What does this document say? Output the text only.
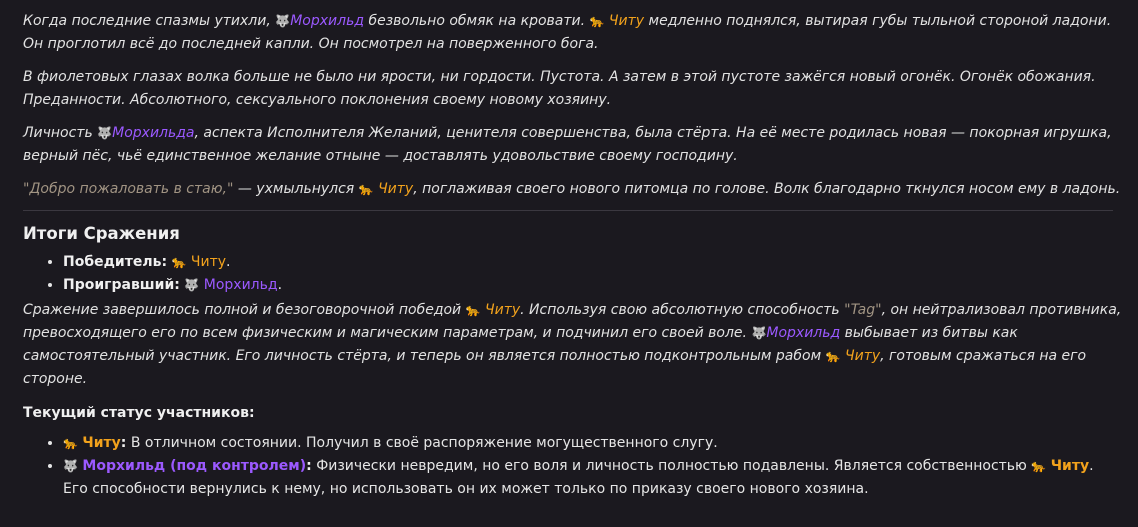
Когда последние спазмы утихли, 🐺Морхильд безвольно обмяк на кровати. 🐆 Читу медленно поднялся, вытирая губы тыльной стороной ладони. Он проглотил всё до последней капли. Он посмотрел на поверженного бога.

В фиолетовых глазах волка больше не было ни ярости, ни гордости. Пустота. А затем в этой пустоте зажёгся новый огонёк. Огонёк обожания. Преданности. Абсолютного, сексуального поклонения своему новому хозяину.

Личность 🐺Морхильда, аспекта Исполнителя Желаний, ценителя совершенства, была стёрта. На её месте родилась новая — покорная игрушка, верный пёс, чьё единственное желание отныне — доставлять удовольствие своему господину.

"Добро пожаловать в стаю," — ухмыльнулся 🐆 Читу, поглаживая своего нового питомца по голове. Волк благодарно ткнулся носом ему в ладонь.

Итоги Сражения
• Победитель: 🐆 Читу.
• Проигравший: 🐺 Морхильд.

Сражение завершилось полной и безоговорочной победой 🐆 Читу. Используя свою абсолютную способность "Tag", он нейтрализовал противника, превосходящего его по всем физическим и магическим параметрам, и подчинил его своей воле. 🐺Морхильд выбывает из битвы как самостоятельный участник. Его личность стёрта, и теперь он является полностью подконтрольным рабом 🐆 Читу, готовым сражаться на его стороне.

Текущий статус участников:
• 🐆 Читу: В отличном состоянии. Получил в своё распоряжение могущественного слугу.
• 🐺 Морхильд (под контролем): Физически невредим, но его воля и личность полностью подавлены. Является собственностью 🐆 Читу. Его способности вернулись к нему, но использовать он их может только по приказу своего нового хозяина.
